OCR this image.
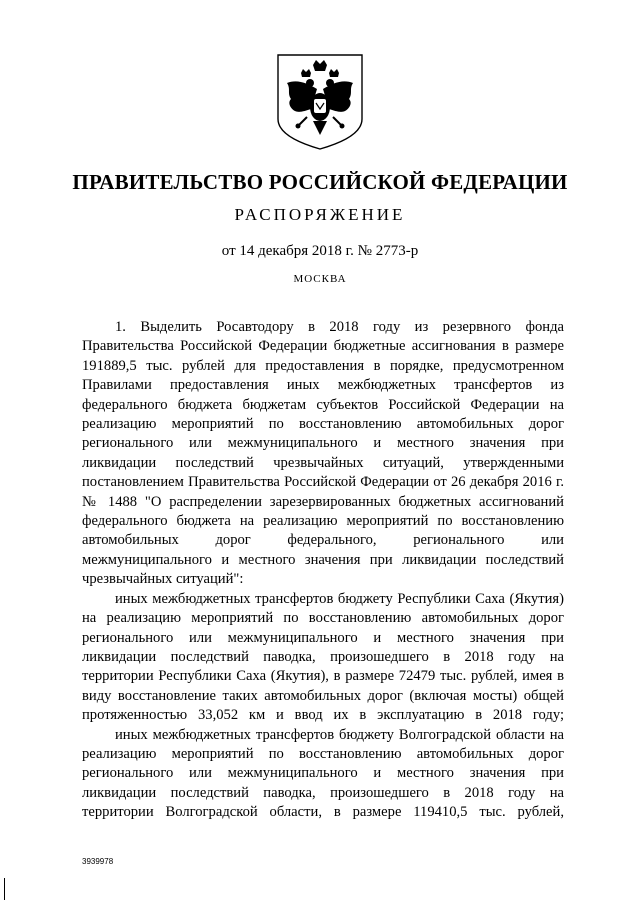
ПРАВИТЕЛЬСТВО РОССИЙСКОЙ ФЕДЕРАЦИИ
РАСПОРЯЖЕНИЕ
от 14 декабря 2018 г. № 2773-р
МОСКВА

1. Выделить Росавтодору в 2018 году из резервного фонда Правительства Российской Федерации бюджетные ассигнования в размере 191889,5 тыс. рублей для предоставления в порядке, предусмотренном Правилами предоставления иных межбюджетных трансфертов из федерального бюджета бюджетам субъектов Российской Федерации на реализацию мероприятий по восстановлению автомобильных дорог регионального или межмуниципального и местного значения при ликвидации последствий чрезвычайных ситуаций, утвержденными постановлением Правительства Российской Федерации от 26 декабря 2016 г. № 1488 "О распределении зарезервированных бюджетных ассигнований федерального бюджета на реализацию мероприятий по восстановлению автомобильных дорог федерального, регионального или межмуниципального и местного значения при ликвидации последствий чрезвычайных ситуаций":

иных межбюджетных трансфертов бюджету Республики Саха (Якутия) на реализацию мероприятий по восстановлению автомобильных дорог регионального или межмуниципального и местного значения при ликвидации последствий паводка, произошедшего в 2018 году на территории Республики Саха (Якутия), в размере 72479 тыс. рублей, имея в виду восстановление таких автомобильных дорог (включая мосты) общей протяженностью 33,052 км и ввод их в эксплуатацию в 2018 году;

иных межбюджетных трансфертов бюджету Волгоградской области на реализацию мероприятий по восстановлению автомобильных дорог регионального или межмуниципального и местного значения при ликвидации последствий паводка, произошедшего в 2018 году на территории Волгоградской области, в размере 119410,5 тыс. рублей,

3939978
